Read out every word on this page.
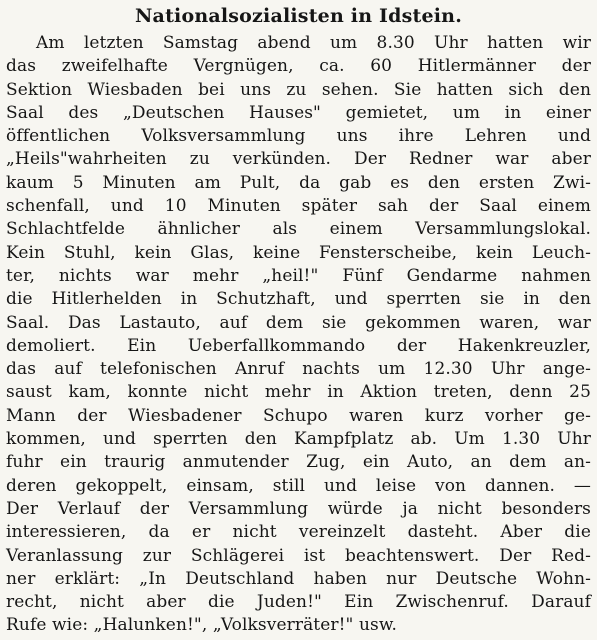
Nationalsozialisten in Idstein.
Am letzten Samstag abend um 8.30 Uhr hatten wir
das zweifelhafte Vergnügen, ca. 60 Hitlermänner der
Sektion Wiesbaden bei uns zu sehen. Sie hatten sich den
Saal des „Deutschen Hauses" gemietet, um in einer
öffentlichen Volksversammlung uns ihre Lehren und
„Heils"wahrheiten zu verkünden. Der Redner war aber
kaum 5 Minuten am Pult, da gab es den ersten Zwi-
schenfall, und 10 Minuten später sah der Saal einem
Schlachtfelde ähnlicher als einem Versammlungslokal.
Kein Stuhl, kein Glas, keine Fensterscheibe, kein Leuch-
ter, nichts war mehr „heil!" Fünf Gendarme nahmen
die Hitlerhelden in Schutzhaft, und sperrten sie in den
Saal. Das Lastauto, auf dem sie gekommen waren, war
demoliert. Ein Ueberfallkommando der Hakenkreuzler,
das auf telefonischen Anruf nachts um 12.30 Uhr ange-
saust kam, konnte nicht mehr in Aktion treten, denn 25
Mann der Wiesbadener Schupo waren kurz vorher ge-
kommen, und sperrten den Kampfplatz ab. Um 1.30 Uhr
fuhr ein traurig anmutender Zug, ein Auto, an dem an-
deren gekoppelt, einsam, still und leise von dannen. —
Der Verlauf der Versammlung würde ja nicht besonders
interessieren, da er nicht vereinzelt dasteht. Aber die
Veranlassung zur Schlägerei ist beachtenswert. Der Red-
ner erklärt: „In Deutschland haben nur Deutsche Wohn-
recht, nicht aber die Juden!" Ein Zwischenruf. Darauf
Rufe wie: „Halunken!", „Volksverräter!" usw.
